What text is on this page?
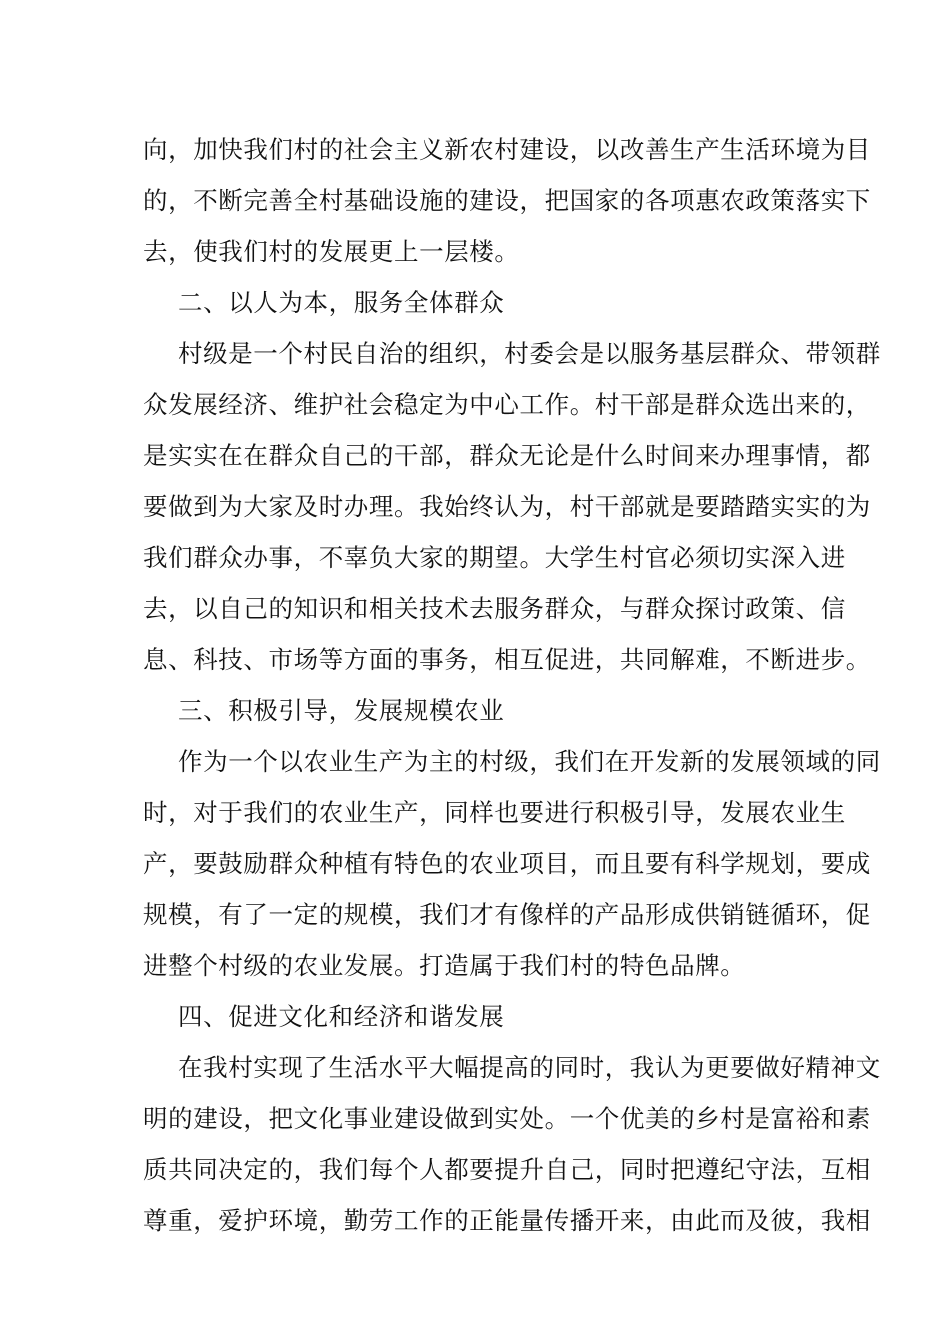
向，加快我们村的社会主义新农村建设，以改善生产生活环境为目
的，不断完善全村基础设施的建设，把国家的各项惠农政策落实下
去，使我们村的发展更上一层楼。
二、以人为本，服务全体群众
村级是一个村民自治的组织，村委会是以服务基层群众、带领群
众发展经济、维护社会稳定为中心工作。村干部是群众选出来的，
是实实在在群众自己的干部，群众无论是什么时间来办理事情，都
要做到为大家及时办理。我始终认为，村干部就是要踏踏实实的为
我们群众办事，不辜负大家的期望。大学生村官必须切实深入进
去，以自己的知识和相关技术去服务群众，与群众探讨政策、信
息、科技、市场等方面的事务，相互促进，共同解难，不断进步。
三、积极引导，发展规模农业
作为一个以农业生产为主的村级，我们在开发新的发展领域的同
时，对于我们的农业生产，同样也要进行积极引导，发展农业生
产，要鼓励群众种植有特色的农业项目，而且要有科学规划，要成
规模，有了一定的规模，我们才有像样的产品形成供销链循环，促
进整个村级的农业发展。打造属于我们村的特色品牌。
四、促进文化和经济和谐发展
在我村实现了生活水平大幅提高的同时，我认为更要做好精神文
明的建设，把文化事业建设做到实处。一个优美的乡村是富裕和素
质共同决定的，我们每个人都要提升自己，同时把遵纪守法，互相
尊重，爱护环境，勤劳工作的正能量传播开来，由此而及彼，我相
